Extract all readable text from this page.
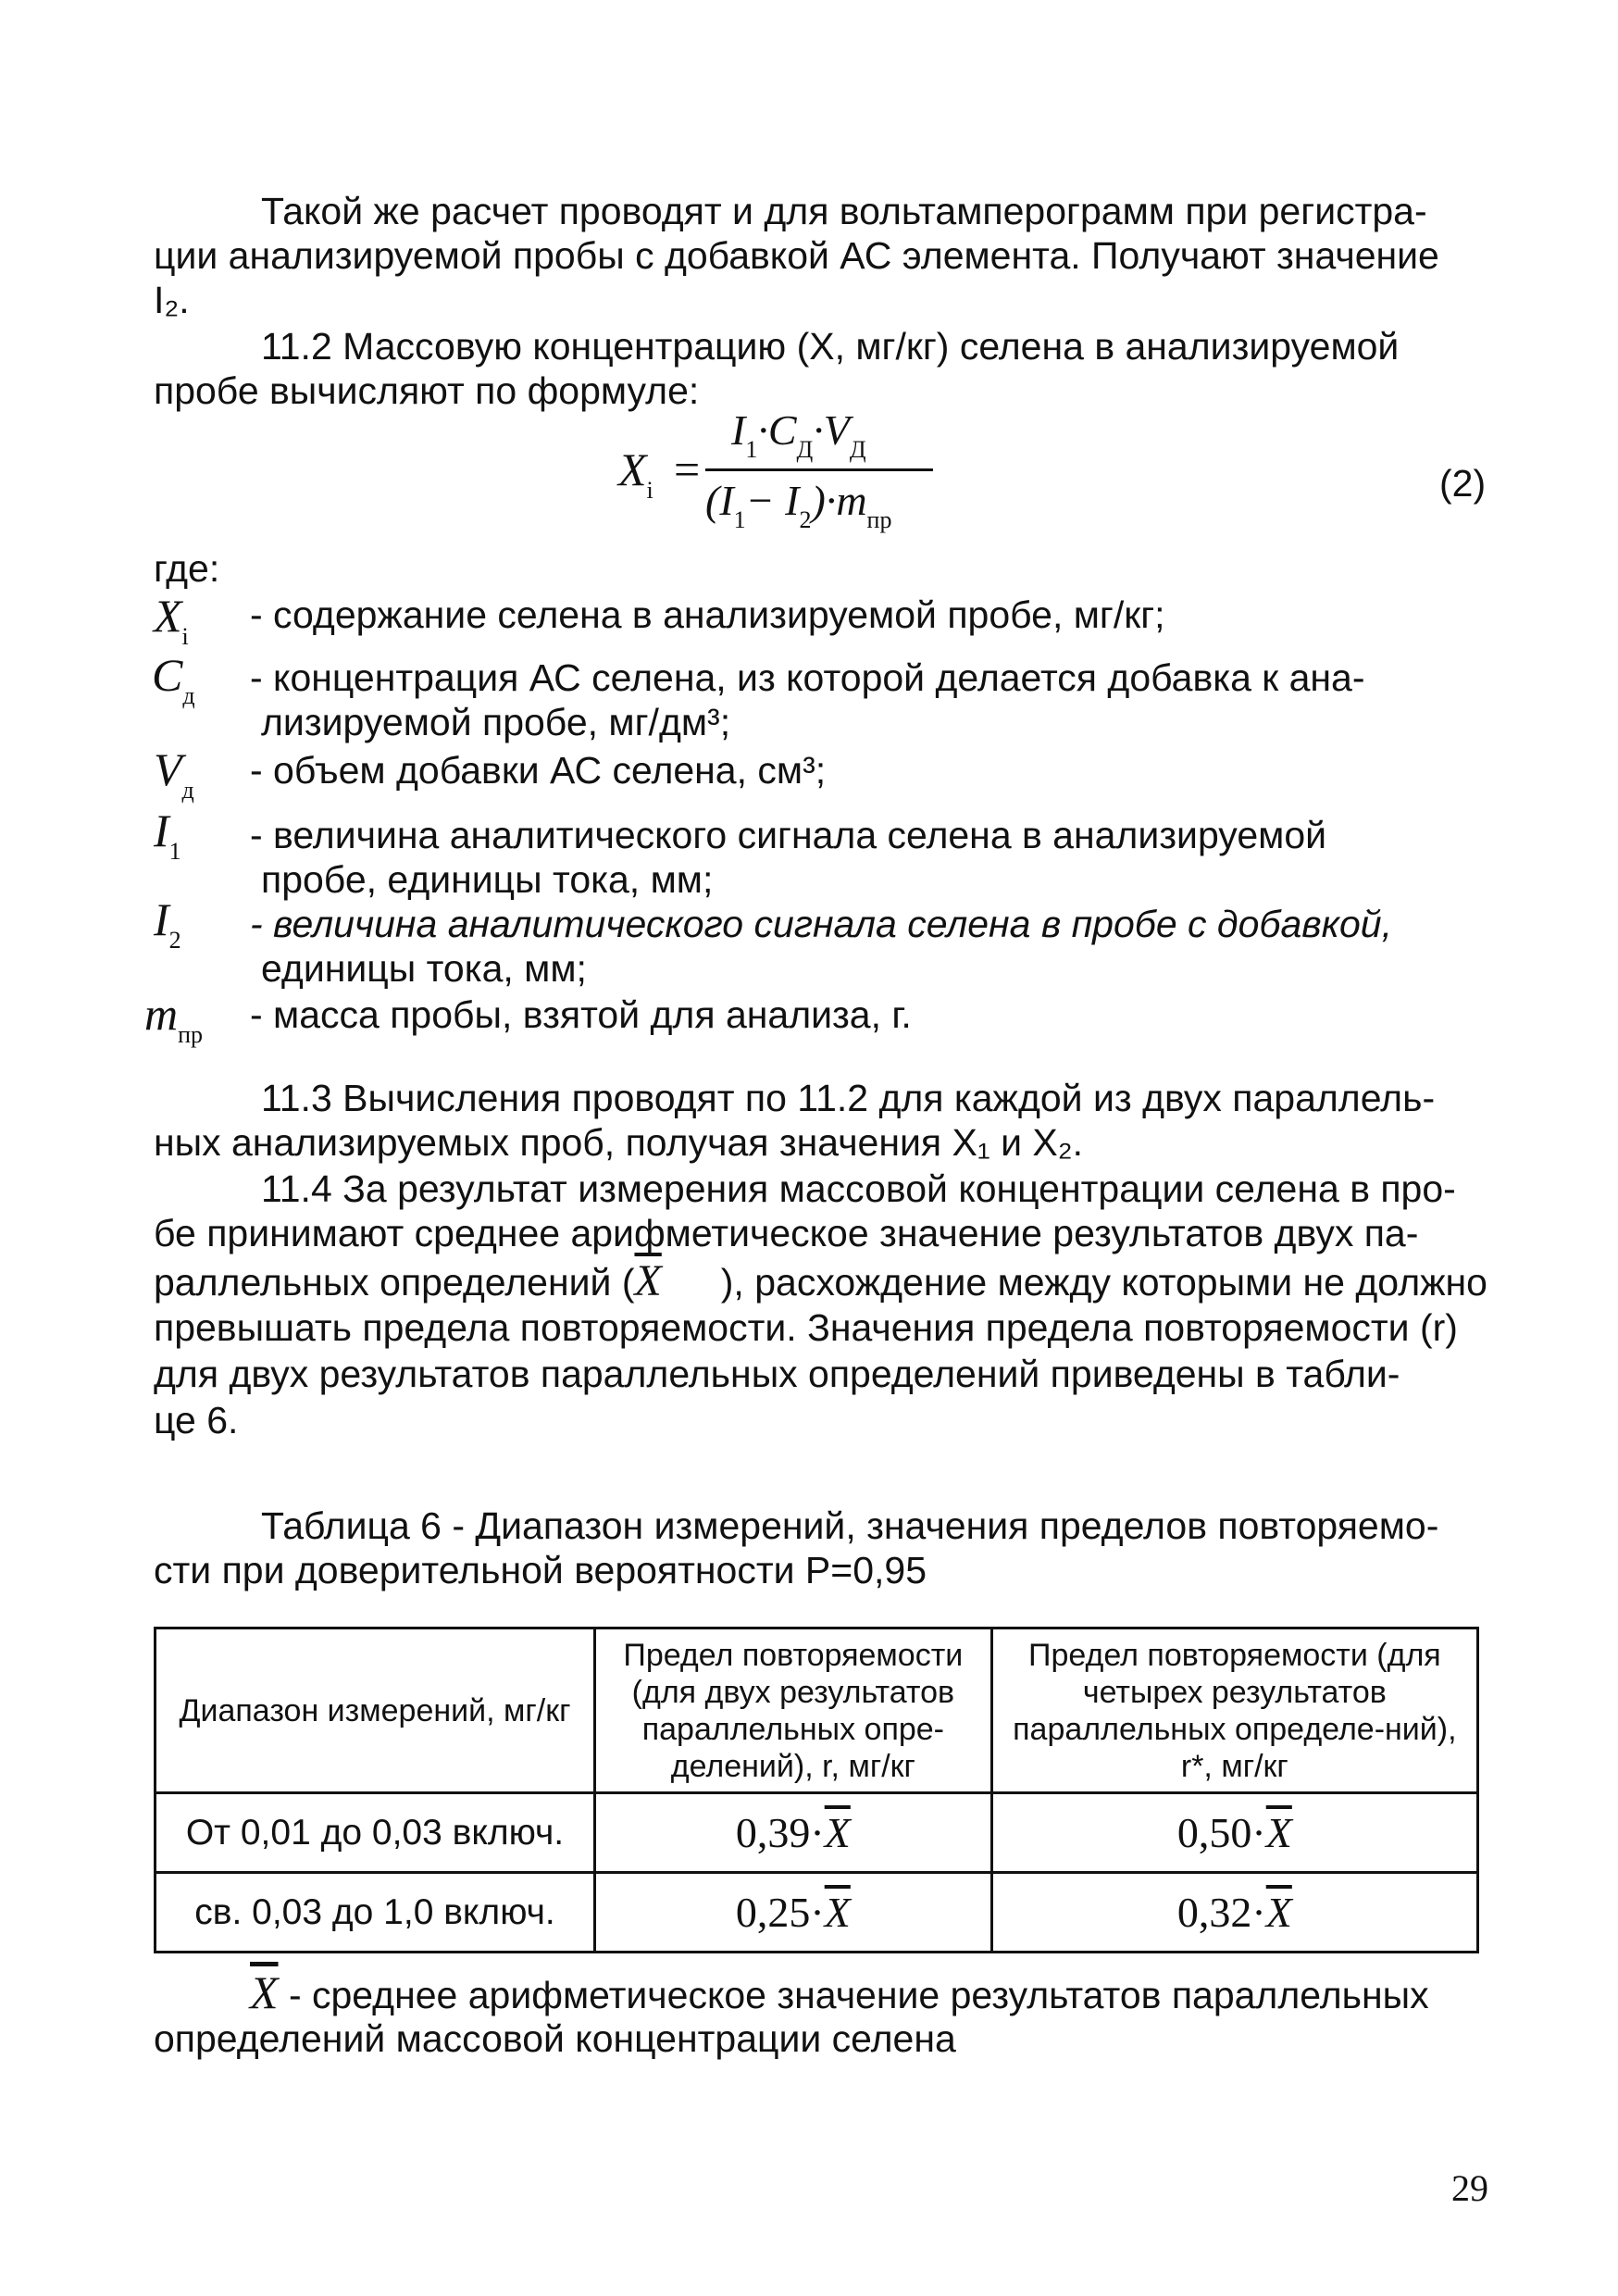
Такой же расчет проводят и для вольтамперограмм при регистра-
ции анализируемой пробы с добавкой АС элемента. Получают значение
I₂.
11.2 Массовую концентрацию (X, мг/кг) селена в анализируемой
пробе вычисляют по формуле:
$X_i$ =
$I_1\cdot C_Д\cdot V_Д$
$(I_1- I_2)\cdot m_{пр}$
(2)
где:
$X_i$
- содержание селена в анализируемой пробе, мг/кг;
$C_д$ - концентрация АС селена, из которой делается добавка к ана-
лизируемой пробе, мг/дм³;
$V_д$ - объем добавки АС селена, см³;
$I_1$ - величина аналитического сигнала селена в анализируемой
пробе, единицы тока, мм;
$I_2$ - величина аналитического сигнала селена в пробе с добавкой,
единицы тока, мм;
$m_{пр}$ - масса пробы, взятой для анализа, г.
11.3 Вычисления проводят по 11.2 для каждой из двух параллель-
ных анализируемых проб, получая значения X₁ и X₂.
11.4 За результат измерения массовой концентрации селена в про-
бе принимают среднее арифметическое значение результатов двух па-
раллельных определений ($\overline{X}$ ), расхождение между которыми не должно
превышать предела повторяемости. Значения предела повторяемости (r)
для двух результатов параллельных определений приведены в табли-
це 6.
Таблица 6 - Диапазон измерений, значения пределов повторяемо-
сти при доверительной вероятности P=0,95
Диапазон измерений, мг/кг	Предел повторяемости (для двух результатов параллельных опре-делений), r, мг/кг	Предел повторяемости (для четырех результатов параллельных определе-ний), r*, мг/кг
От 0,01 до 0,03 включ.	$0,39\cdot\overline{X}$	$0,50\cdot\overline{X}$
св. 0,03 до 1,0 включ.	$0,25\cdot\overline{X}$	$0,32\cdot\overline{X}$
$\overline{X}$ - среднее арифметическое значение результатов параллельных
определений массовой концентрации селена
29
